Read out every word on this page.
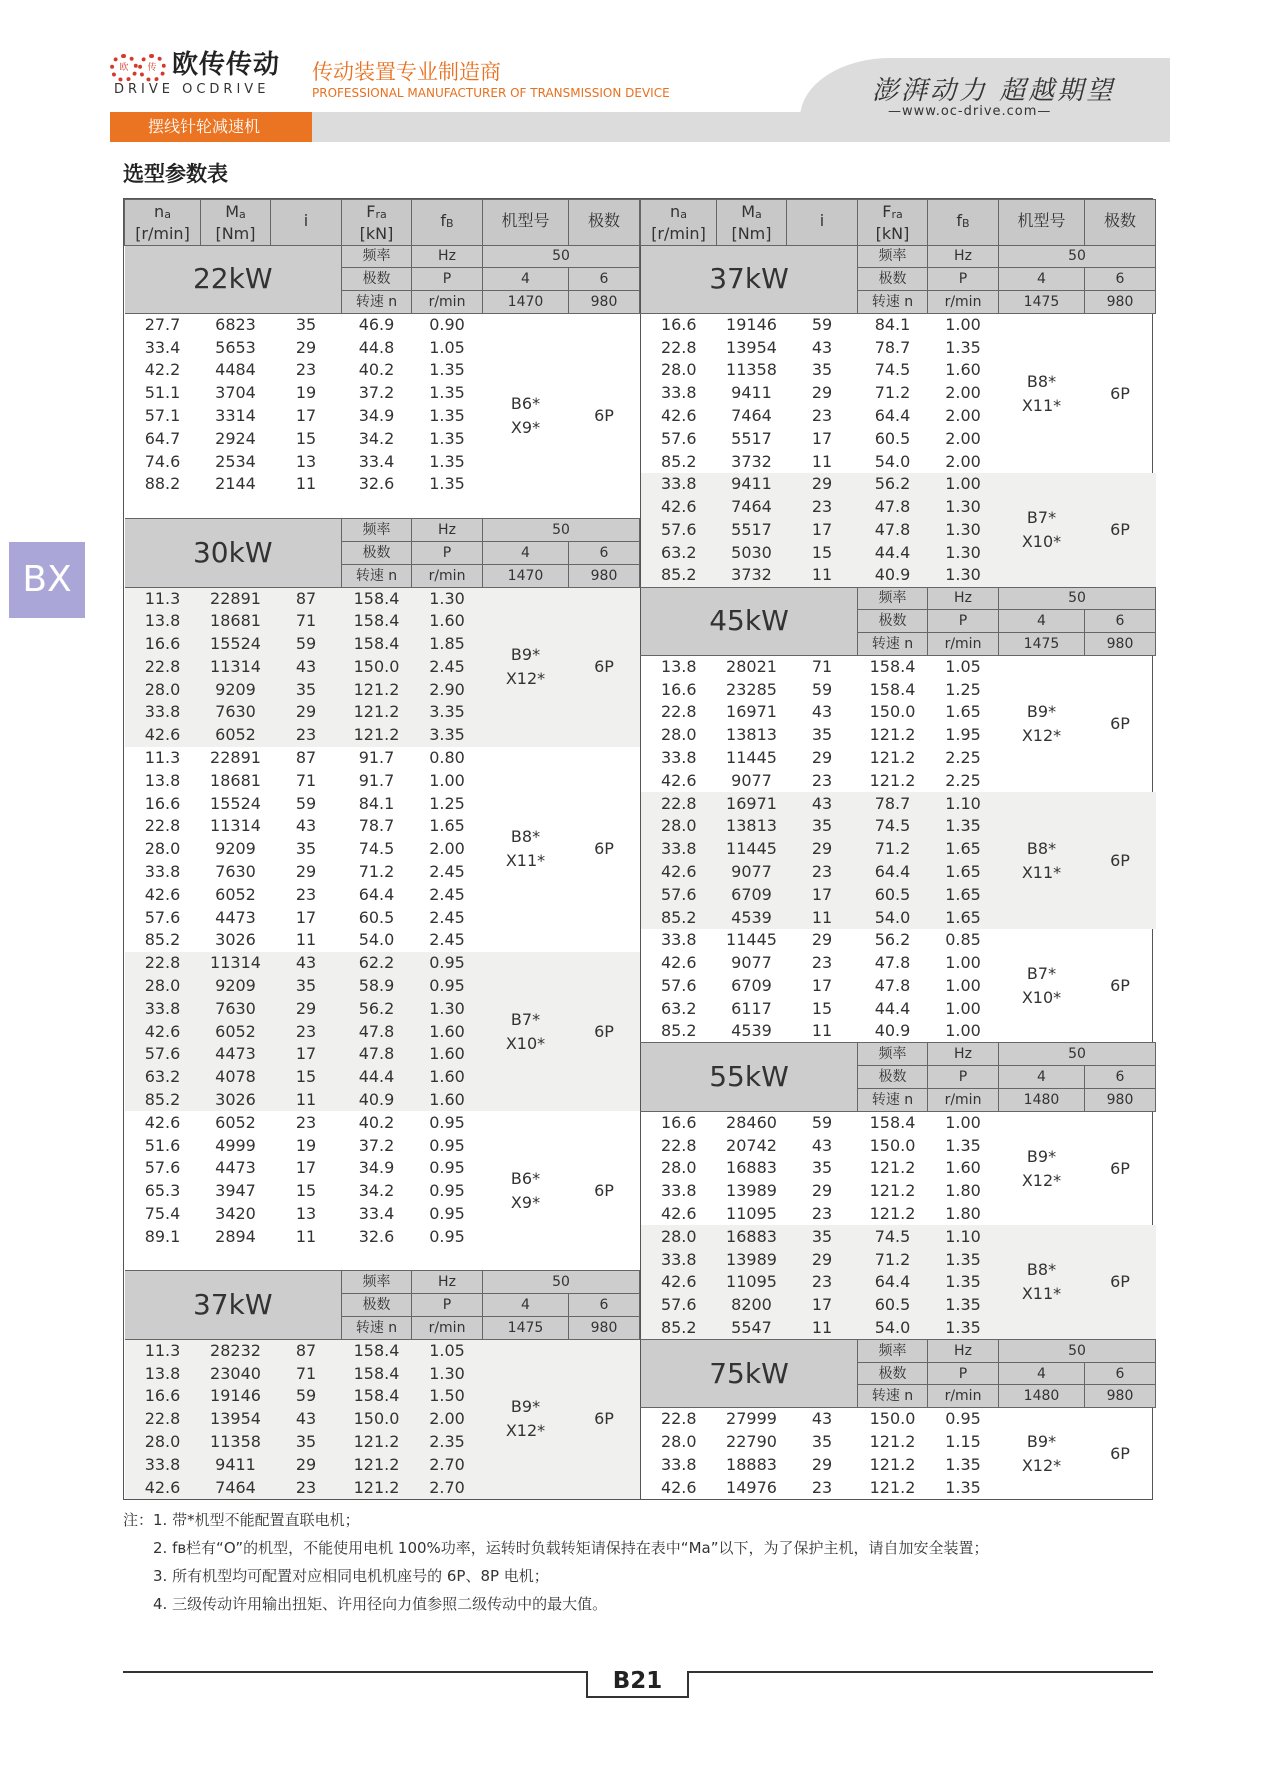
欧	传 欧传传动
DRIVE OCDRIVE
传动装置专业制造商
PROFESSIONAL MANUFACTURER OF TRANSMISSION DEVICE	澎湃动力 超越期望
—www.oc-drive.com—
摆线针轮减速机
选型参数表
BX
$n_a$
[r/min]	$M_a$
[Nm]	i	$F_{ra}$
[kN]	$f_B$	机型号	极数
22kW			频率	Hz	50	
			极数	P	4	6
			转速 n	r/min	1470	980
27.7	6823	35	46.9	0.90	B6*
X9*	6P
33.4	5653	29	44.8	1.05		
42.2	4484	23	40.2	1.35		
51.1	3704	19	37.2	1.35		
57.1	3314	17	34.9	1.35		
64.7	2924	15	34.2	1.35		
74.6	2534	13	33.4	1.35		
88.2	2144	11	32.6	1.35		

30kW			频率	Hz	50	
			极数	P	4	6
			转速 n	r/min	1470	980
11.3	22891	87	158.4	1.30	B9*
X12*	6P
13.8	18681	71	158.4	1.60		
16.6	15524	59	158.4	1.85		
22.8	11314	43	150.0	2.45		
28.0	9209	35	121.2	2.90		
33.8	7630	29	121.2	3.35		
42.6	6052	23	121.2	3.35		
11.3	22891	87	91.7	0.80	B8*
X11*	6P
13.8	18681	71	91.7	1.00		
16.6	15524	59	84.1	1.25		
22.8	11314	43	78.7	1.65		
28.0	9209	35	74.5	2.00		
33.8	7630	29	71.2	2.45		
42.6	6052	23	64.4	2.45		
57.6	4473	17	60.5	2.45		
85.2	3026	11	54.0	2.45		
22.8	11314	43	62.2	0.95	B7*
X10*	6P
28.0	9209	35	58.9	0.95		
33.8	7630	29	56.2	1.30		
42.6	6052	23	47.8	1.60		
57.6	4473	17	47.8	1.60		
63.2	4078	15	44.4	1.60		
85.2	3026	11	40.9	1.60		
42.6	6052	23	40.2	0.95	B6*
X9*	6P
51.6	4999	19	37.2	0.95		
57.6	4473	17	34.9	0.95		
65.3	3947	15	34.2	0.95		
75.4	3420	13	33.4	0.95		
89.1	2894	11	32.6	0.95		

37kW			频率	Hz	50	
			极数	P	4	6
			转速 n	r/min	1475	980
11.3	28232	87	158.4	1.05	B9*
X12*	6P
13.8	23040	71	158.4	1.30		
16.6	19146	59	158.4	1.50		
22.8	13954	43	150.0	2.00		
28.0	11358	35	121.2	2.35		
33.8	9411	29	121.2	2.70		
42.6	7464	23	121.2	2.70		
$n_a$
[r/min]	$M_a$
[Nm]	i	$F_{ra}$
[kN]	$f_B$	机型号	极数
37kW			频率	Hz	50	
			极数	P	4	6
			转速 n	r/min	1475	980
16.6	19146	59	84.1	1.00	B8*
X11*	6P
22.8	13954	43	78.7	1.35		
28.0	11358	35	74.5	1.60		
33.8	9411	29	71.2	2.00		
42.6	7464	23	64.4	2.00		
57.6	5517	17	60.5	2.00		
85.2	3732	11	54.0	2.00		
33.8	9411	29	56.2	1.00	B7*
X10*	6P
42.6	7464	23	47.8	1.30		
57.6	5517	17	47.8	1.30		
63.2	5030	15	44.4	1.30		
85.2	3732	11	40.9	1.30		
45kW			频率	Hz	50	
			极数	P	4	6
			转速 n	r/min	1475	980
13.8	28021	71	158.4	1.05	B9*
X12*	6P
16.6	23285	59	158.4	1.25		
22.8	16971	43	150.0	1.65		
28.0	13813	35	121.2	1.95		
33.8	11445	29	121.2	2.25		
42.6	9077	23	121.2	2.25		
22.8	16971	43	78.7	1.10	B8*
X11*	6P
28.0	13813	35	74.5	1.35		
33.8	11445	29	71.2	1.65		
42.6	9077	23	64.4	1.65		
57.6	6709	17	60.5	1.65		
85.2	4539	11	54.0	1.65		
33.8	11445	29	56.2	0.85	B7*
X10*	6P
42.6	9077	23	47.8	1.00		
57.6	6709	17	47.8	1.00		
63.2	6117	15	44.4	1.00		
85.2	4539	11	40.9	1.00		
55kW			频率	Hz	50	
			极数	P	4	6
			转速 n	r/min	1480	980
16.6	28460	59	158.4	1.00	B9*
X12*	6P
22.8	20742	43	150.0	1.35		
28.0	16883	35	121.2	1.60		
33.8	13989	29	121.2	1.80		
42.6	11095	23	121.2	1.80		
28.0	16883	35	74.5	1.10	B8*
X11*	6P
33.8	13989	29	71.2	1.35		
42.6	11095	23	64.4	1.35		
57.6	8200	17	60.5	1.35		
85.2	5547	11	54.0	1.35		
75kW			频率	Hz	50	
			极数	P	4	6
			转速 n	r/min	1480	980
22.8	27999	43	150.0	0.95	B9*
X12*	6P
28.0	22790	35	121.2	1.15		
33.8	18883	29	121.2	1.35		
42.6	14976	23	121.2	1.35		
注：1. 带*机型不能配置直联电机；
2. fʙ栏有“O”的机型，不能使用电机 100%功率，运转时负载转矩请保持在表中“Ma”以下，为了保护主机，请自加安全装置；
3. 所有机型均可配置对应相同电机机座号的 6P、8P 电机；
4. 三级传动许用输出扭矩、许用径向力值参照二级传动中的最大值。
B21
